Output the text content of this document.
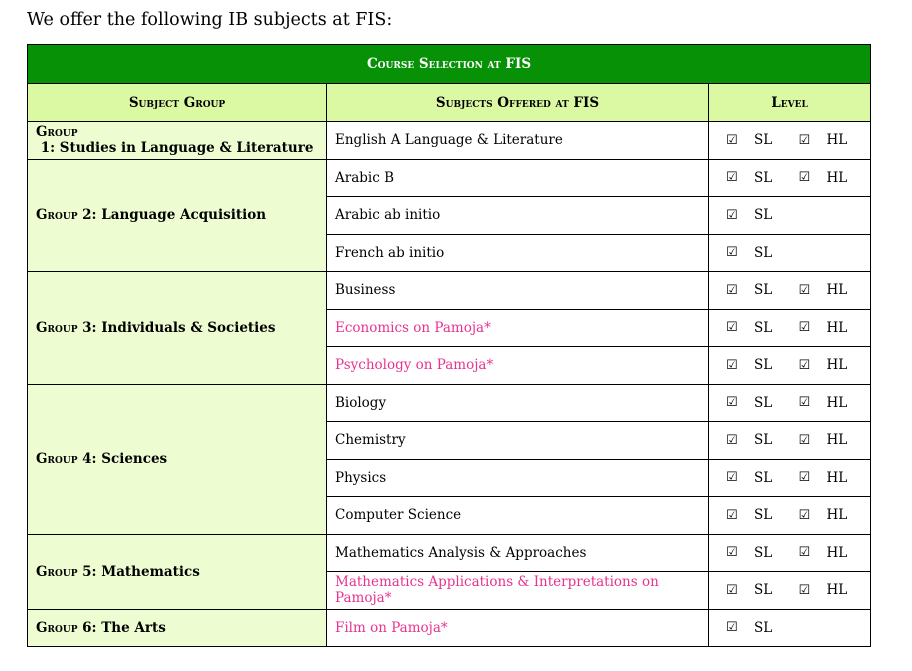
We offer the following IB subjects at FIS:
Course Selection at FIS		
Subject Group	Subjects Offered at FIS	Level
Group 1: Studies in Language & Literature	English A Language & Literature	☑ SL ☑ HL

Group 2: Language Acquisition	Arabic B	☑ SL ☑ HL

	Arabic ab initio	☑ SL

	French ab initio	☑ SL

Group 3: Individuals & Societies	Business	☑ SL ☑ HL

	Economics on Pamoja*	☑ SL ☑ HL

	Psychology on Pamoja*	☑ SL ☑ HL

Group 4: Sciences	Biology	☑ SL ☑ HL

	Chemistry	☑ SL ☑ HL

	Physics	☑ SL ☑ HL

	Computer Science	☑ SL ☑ HL

Group 5: Mathematics	Mathematics Analysis & Approaches	☑ SL ☑ HL

	Mathematics Applications & Interpretations on Pamoja*	☑ SL ☑ HL

Group 6: The Arts	Film on Pamoja*	☑ SL
